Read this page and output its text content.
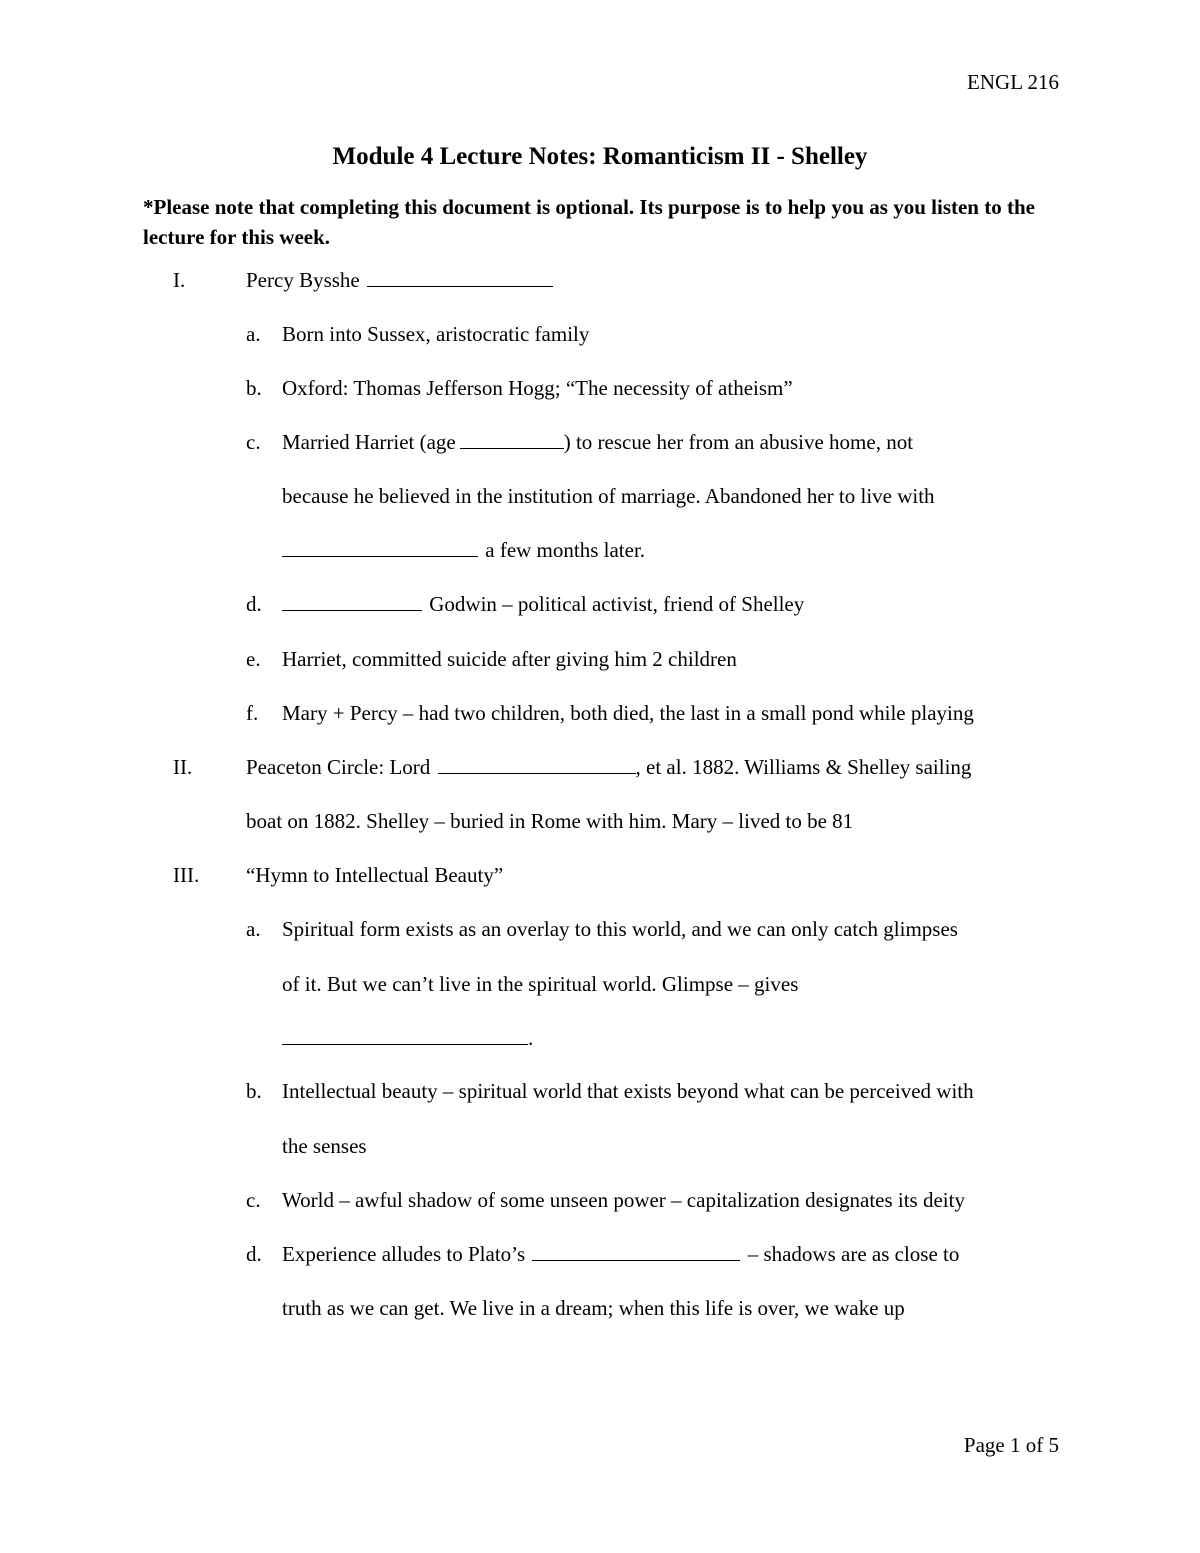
ENGL 216
Module 4 Lecture Notes: Romanticism II - Shelley
*Please note that completing this document is optional. Its purpose is to help you as you listen to the lecture for this week.
I.	Percy Bysshe
a. Born into Sussex, aristocratic family
b. Oxford: Thomas Jefferson Hogg; “The necessity of atheism”
c. Married Harriet (age	) to rescue her from an abusive home, not
because he believed in the institution of marriage. Abandoned her to live with
a few months later.
d.	Godwin – political activist, friend of Shelley
e. Harriet, committed suicide after giving him 2 children
f. Mary + Percy – had two children, both died, the last in a small pond while playing
II.	Peaceton Circle: Lord	, et al. 1882. Williams & Shelley sailing
boat on 1882. Shelley – buried in Rome with him. Mary – lived to be 81
III. “Hymn to Intellectual Beauty”
a. Spiritual form exists as an overlay to this world, and we can only catch glimpses
of it. But we can’t live in the spiritual world. Glimpse – gives
.
b. Intellectual beauty – spiritual world that exists beyond what can be perceived with
the senses
c. World – awful shadow of some unseen power – capitalization designates its deity
d. Experience alludes to Plato’s	– shadows are as close to
truth as we can get. We live in a dream; when this life is over, we wake up
Page 1 of 5
